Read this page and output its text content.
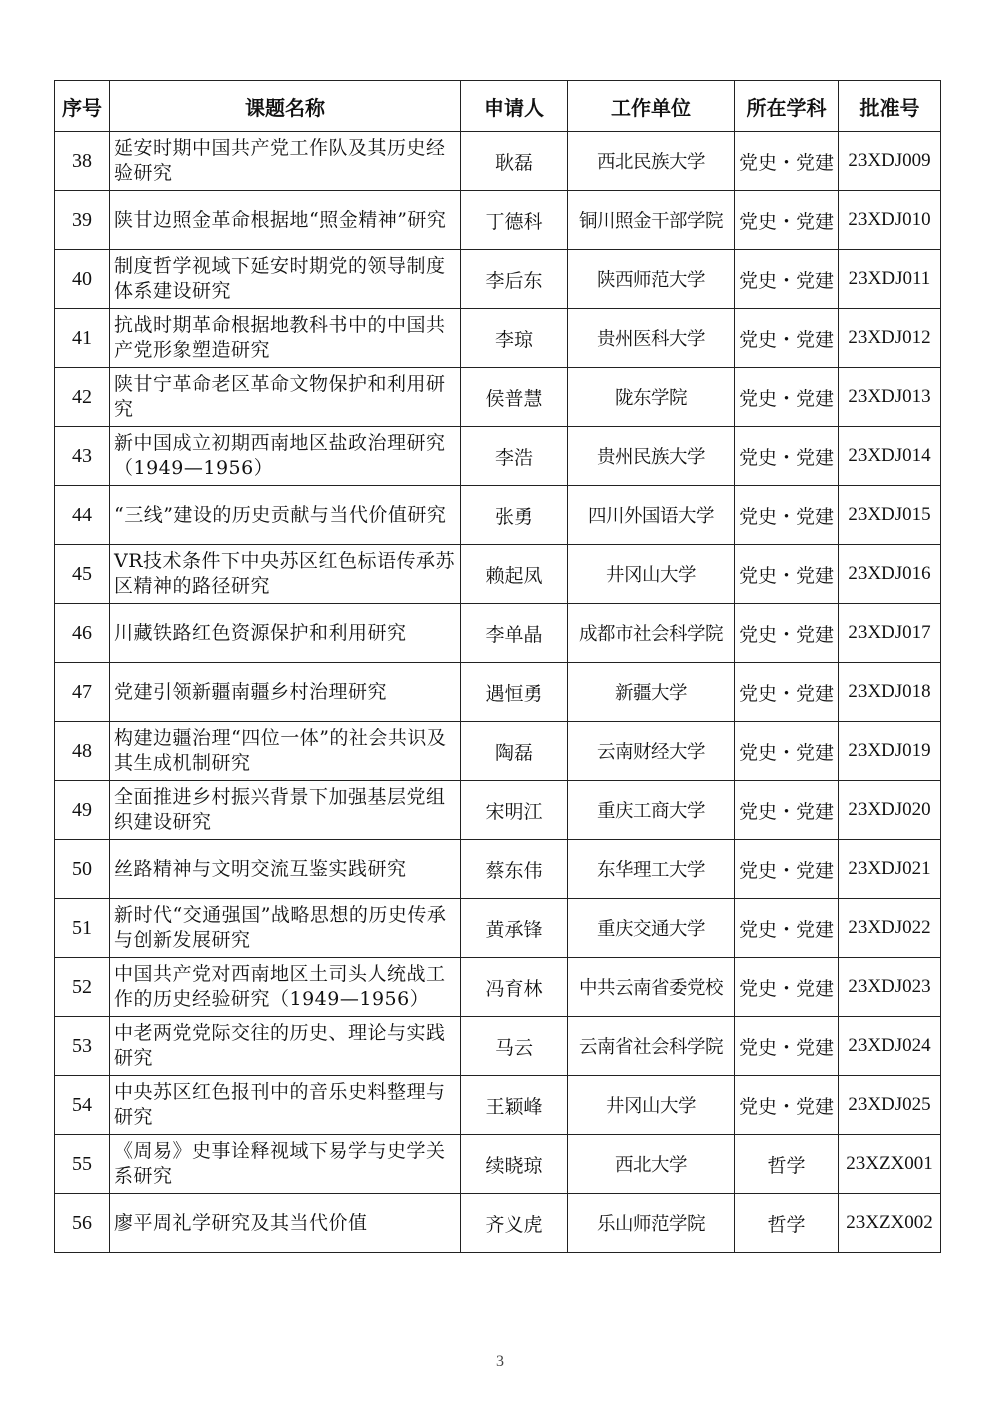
序号	课题名称	申请人	工作单位	所在学科	批准号
38	延安时期中国共产党工作队及其历史经验研究	耿磊	西北民族大学	党史・党建	23XDJ009
39	陕甘边照金革命根据地“照金精神”研究	丁德科	铜川照金干部学院	党史・党建	23XDJ010
40	制度哲学视域下延安时期党的领导制度体系建设研究	李后东	陕西师范大学	党史・党建	23XDJ011
41	抗战时期革命根据地教科书中的中国共产党形象塑造研究	李琼	贵州医科大学	党史・党建	23XDJ012
42	陕甘宁革命老区革命文物保护和利用研究	侯普慧	陇东学院	党史・党建	23XDJ013
43	新中国成立初期西南地区盐政治理研究（1949—1956）	李浩	贵州民族大学	党史・党建	23XDJ014
44	“三线”建设的历史贡献与当代价值研究	张勇	四川外国语大学	党史・党建	23XDJ015
45	VR技术条件下中央苏区红色标语传承苏区精神的路径研究	赖起凤	井冈山大学	党史・党建	23XDJ016
46	川藏铁路红色资源保护和利用研究	李单晶	成都市社会科学院	党史・党建	23XDJ017
47	党建引领新疆南疆乡村治理研究	遇恒勇	新疆大学	党史・党建	23XDJ018
48	构建边疆治理“四位一体”的社会共识及其生成机制研究	陶磊	云南财经大学	党史・党建	23XDJ019
49	全面推进乡村振兴背景下加强基层党组织建设研究	宋明江	重庆工商大学	党史・党建	23XDJ020
50	丝路精神与文明交流互鉴实践研究	蔡东伟	东华理工大学	党史・党建	23XDJ021
51	新时代“交通强国”战略思想的历史传承与创新发展研究	黄承锋	重庆交通大学	党史・党建	23XDJ022
52	中国共产党对西南地区土司头人统战工作的历史经验研究（1949—1956）	冯育林	中共云南省委党校	党史・党建	23XDJ023
53	中老两党党际交往的历史、理论与实践研究	马云	云南省社会科学院	党史・党建	23XDJ024
54	中央苏区红色报刊中的音乐史料整理与研究	王颖峰	井冈山大学	党史・党建	23XDJ025
55	《周易》史事诠释视域下易学与史学关系研究	续晓琼	西北大学	哲学	23XZX001
56	廖平周礼学研究及其当代价值	齐义虎	乐山师范学院	哲学	23XZX002
3
